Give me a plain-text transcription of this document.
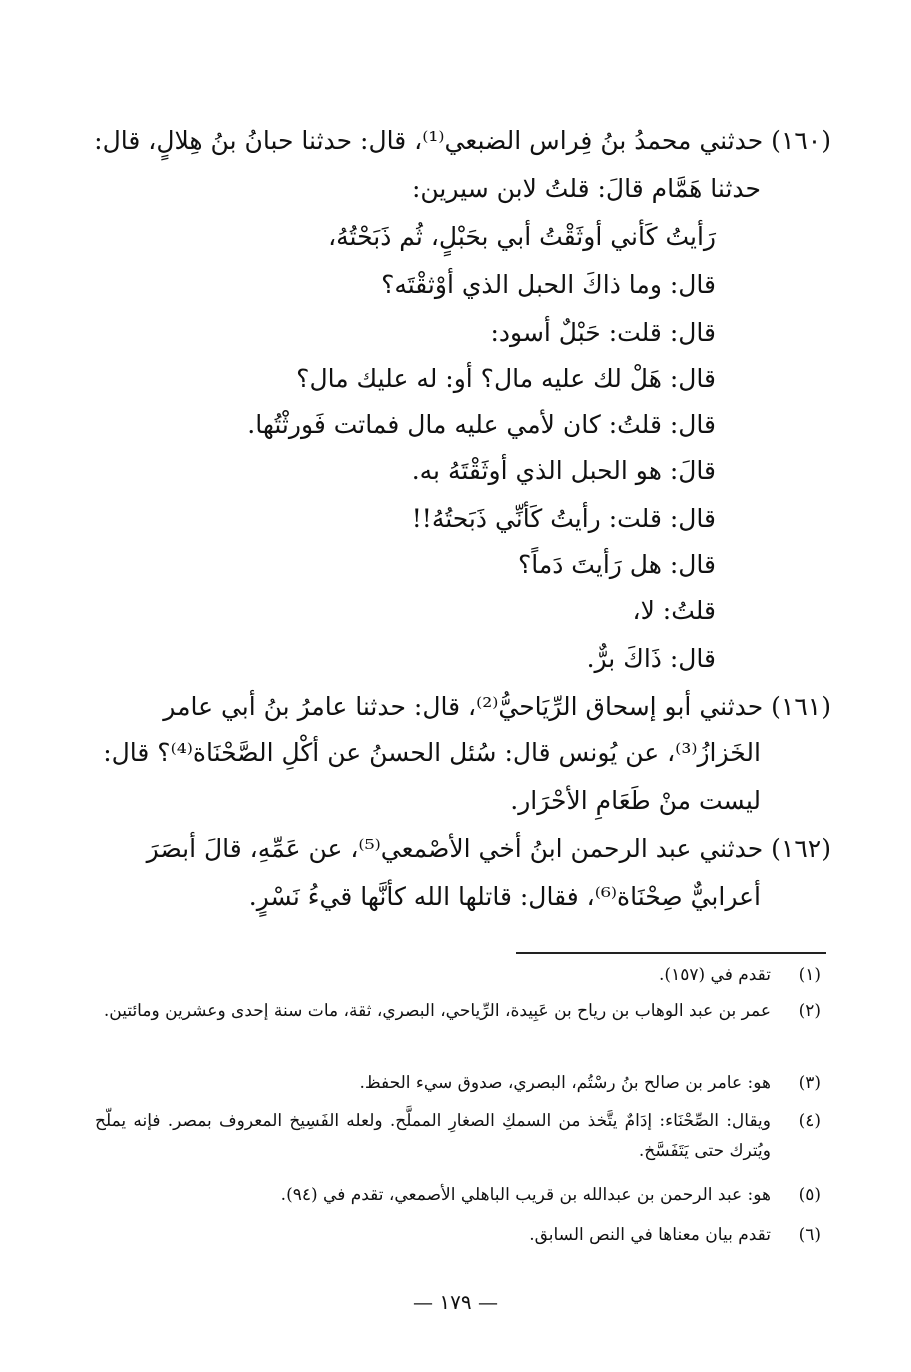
(١٦٠) حدثني محمدُ بنُ فِراس الضبعي⁽¹⁾، قال: حدثنا حبانُ بنُ هِلالٍ، قال:
حدثنا هَمَّام قالَ: قلتُ لابن سيرين:
رَأيتُ كَأني أوثَقْتُ أبي بحَبْلٍ، ثُم ذَبَحْتُهُ،
قال: وما ذاكَ الحبل الذي أوْثقْتَه؟
قال: قلت: حَبْلٌ أسود:
قال: هَلْ لك عليه مال؟ أو: له عليك مال؟
قال: قلتُ: كان لأمي عليه مال فماتت فَورثْتُها.
قالَ: هو الحبل الذي أوثَقْتَهُ به.
قال: قلت: رأيتُ كَأنِّي ذَبَحتُهُ!!
قال: هل رَأيتَ دَماً؟
قلتُ: لا،
قال: ذَاكَ برٌّ.
(١٦١) حدثني أبو إسحاق الرِّيَاحيُّ⁽²⁾، قال: حدثنا عامرُ بنُ أبي عامر
الخَزازُ⁽³⁾، عن يُونس قال: سُئل الحسنُ عن أكْلِ الصَّحْنَاة⁽⁴⁾؟ قال:
ليست منْ طَعَامِ الأحْرَار.
(١٦٢) حدثني عبد الرحمن ابنُ أخي الأصْمعي⁽⁵⁾، عن عَمِّهِ، قالَ أبصَرَ
أعرابيٌّ صِحْنَاة⁽⁶⁾، فقال: قاتلها الله كأنَّها قيءُ نَسْرٍ.
(١)
تقدم في (١٥٧).
(٢)
عمر بن عبد الوهاب بن رياح بن عَبِيدة، الرِّياحي، البصري، ثقة، مات سنة إحدى وعشرين ومائتين.
(٣)
هو: عامر بن صالح بنُ رسْتُم، البصري، صدوق سيء الحفظ.
(٤)
ويقال: الصِّحْنَاء: إدَامٌ يتَّخذ من السمكِ الصغارِ المملَّح. ولعله الفَسِيخ المعروف بمصر. فإنه يملّح ويُترك حتى يَتَفَسَّخ.
(٥)
هو: عبد الرحمن بن عبدالله بن قريب الباهلي الأصمعي، تقدم في (٩٤).
(٦)
تقدم بيان معناها في النص السابق.
— ١٧٩ —
